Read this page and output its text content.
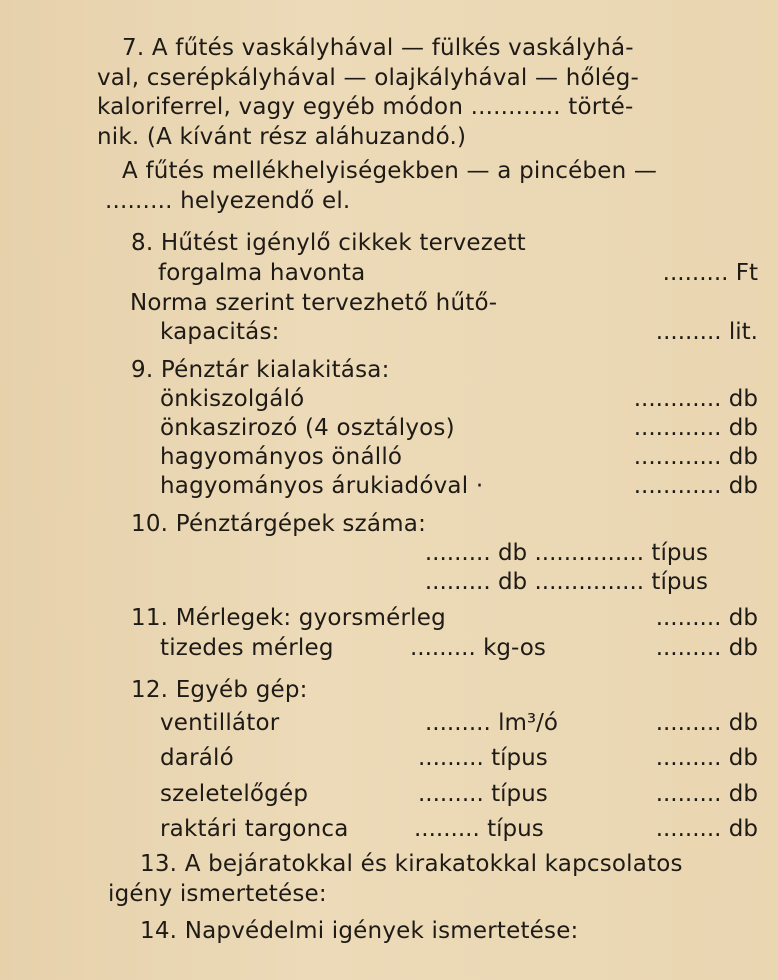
7. A fűtés vaskályhával — fülkés vaskályhá-
val, cserépkályhával — olajkályhával — hőlég-
kaloriferrel, vagy egyéb módon ............ törté-
nik. (A kívánt rész aláhuzandó.)
A fűtés mellékhelyiségekben — a pincében —
......... helyezendő el.
8. Hűtést igénylő cikkek tervezett
forgalma havonta	......... Ft
Norma szerint tervezhető hűtő-
kapacitás:	......... lit.
9. Pénztár kialakitása:
önkiszolgáló	............ db
önkaszirozó (4 osztályos)	............ db
hagyományos önálló	............ db
hagyományos árukiadóval ·	............ db
10. Pénztárgépek száma:
......... db ............... típus
......... db ............... típus
11. Mérlegek: gyorsmérleg	......... db
tizedes mérleg	......... kg-os	......... db
12. Egyéb gép:
ventillátor	......... lm³/ó	......... db
daráló	......... típus	......... db
szeletelőgép	......... típus	......... db
raktári targonca	......... típus	......... db
13. A bejáratokkal és kirakatokkal kapcsolatos
igény ismertetése:
14. Napvédelmi igények ismertetése:
